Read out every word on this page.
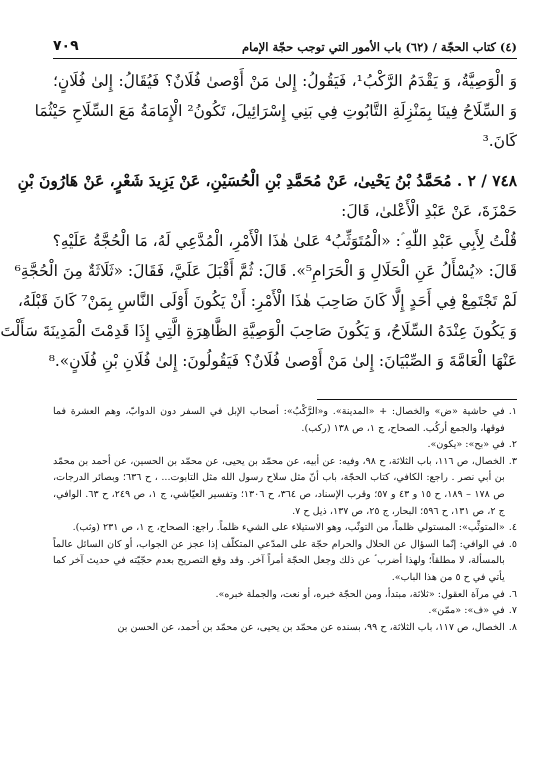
(٤) كتاب الحجّة / (٦٢) باب الأمور التي توجب حجّة الإمام
٧٠٩
وَ الْوَصِيَّةُ، وَ يَقْدَمُ الرَّكْبُ¹، فَيَقُولُ: إِلىٰ مَنْ أَوْصىٰ فُلَانٌ؟ فَيُقَالُ: إِلىٰ فُلَانٍ؛
وَ السِّلَاحُ فِينَا بِمَنْزِلَةِ التَّابُوتِ فِي بَنِي إِسْرَائِيلَ، تَكُونُ² الْإِمَامَةُ مَعَ السِّلَاحِ حَيْثُمَا
كَانَ.³
٧٤٨ / ٢ . مُحَمَّدُ بْنُ يَحْيىٰ، عَنْ مُحَمَّدِ بْنِ الْحُسَيْنِ، عَنْ يَزِيدَ شَعْرٍ، عَنْ هَارُونَ بْنِ
حَمْزَةَ، عَنْ عَبْدِ الْأَعْلىٰ، قَالَ:
قُلْتُ لِأَبِي عَبْدِ اللّٰهِ ؑ: «الْمُتَوَثِّبُ⁴ عَلىٰ هٰذَا الْأَمْرِ، الْمُدَّعِي لَهُ، مَا الْحُجَّةُ عَلَيْهِ؟
قَالَ: «يُسْأَلُ عَنِ الْحَلَالِ وَ الْحَرَامِ⁵». قَالَ: ثُمَّ أَقْبَلَ عَلَيَّ، فَقَالَ: «ثَلَاثَةٌ مِنَ الْحُجَّةِ⁶
لَمْ تَجْتَمِعْ فِي أَحَدٍ إِلَّا كَانَ صَاحِبَ هٰذَا الْأَمْرِ: أَنْ يَكُونَ أَوْلَى النَّاسِ بِمَنْ⁷ كَانَ قَبْلَهُ،
وَ يَكُونَ عِنْدَهُ السِّلَاحُ، وَ يَكُونَ صَاحِبَ الْوَصِيَّةِ الظَّاهِرَةِ الَّتِي إِذَا قَدِمْتَ الْمَدِينَةَ سَأَلْتَ
عَنْهَا الْعَامَّةَ وَ الصِّبْيَانَ: إِلىٰ مَنْ أَوْصىٰ فُلَانٌ؟ فَيَقُولُونَ: إِلىٰ فُلَانِ بْنِ فُلَانٍ».⁸
١.
في حاشية «ض» والخصال: + «المدينة». و«الرَّكْبُ»: أصحاب الإبل في السفر دون الدوابّ، وهم العشرة فما فوقها، والجمع أركُب. الصحاح، ج ١، ص ١٣٨ (ركب).
٢.
في «بح»: «يكون».
٣.
الخصال، ص ١١٦، باب الثلاثة، ح ٩٨، وفيه: عن أبيه، عن محمّد بن يحيى، عن محمّد بن الحسين، عن أحمد بن محمّد بن أبي نصر . راجع: الكافي، كتاب الحجّة، باب أنّ مثل سلاح رسول الله مثل التابوت... ، ح ٦٣٦؛ وبصائر الدرجات، ص ١٧٨ – ١٨٩، ح ١٥ و ٤٣ و ٥٧؛ وقرب الإسناد، ص ٣٦٤، ح ١٣٠٦؛ وتفسير العيّاشي، ج ١، ص ٢٤٩، ح ٦٣. الوافي، ج ٢، ص ١٣١، ح ٥٩٦؛ البحار، ج ٢٥، ص ١٣٧، ذيل ح ٧.
٤.
«المتوثِّب»: المستولي ظلماً، من التوثّب، وهو الاستيلاء على الشيء ظلماً. راجع: الصحاح، ج ١، ص ٢٣١ (وثب).
٥.
في الوافي: إنّما السؤال عن الحلال والحرام حجّة على المدّعي المتكلّف إذا عجز عن الجواب، أو كان السائل عالماً بالمسألة، لا مطلقاً؛ ولهذا أضرب ؑ عن ذلك وجعل الحجّة أمراً آخر. وقد وقع التصريح بعدم حجّيّته في حديث آخر كما يأتي في ح ٥ من هذا الباب».
٦.
في مرآة العقول: «ثلاثة، مبتدأ، ومن الحجّة خبره، أو نعت، والجملة خبره».
٧.
في «ف»: «ممّن».
٨.
الخصال، ص ١١٧، باب الثلاثة، ح ٩٩، بسنده عن محمّد بن يحيى، عن محمّد بن أحمد، عن الحسن بن
